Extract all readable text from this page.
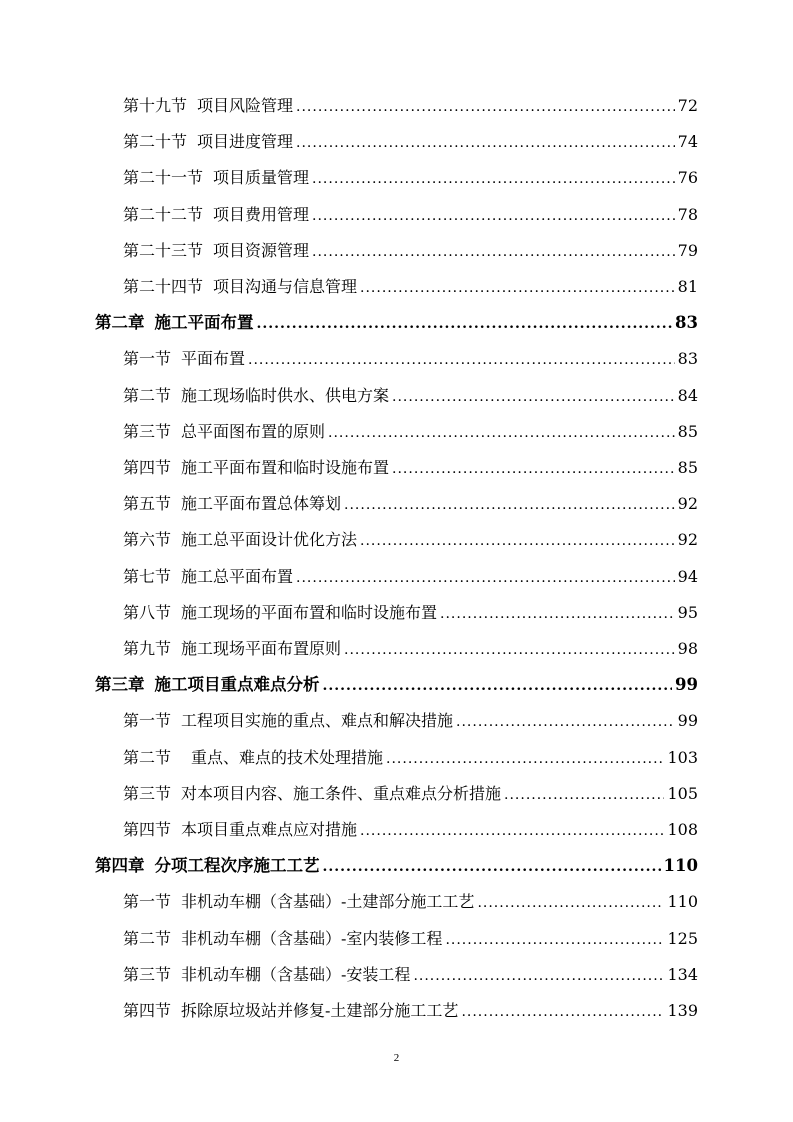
第十九节 项目风险管理 .....	72
第二十节 项目进度管理 .....	74
第二十一节 项目质量管理 .....	76
第二十二节 项目费用管理 .....	78
第二十三节 项目资源管理 .....	79
第二十四节 项目沟通与信息管理 .....	81
第二章 施工平面布置 .....	83
第一节 平面布置 .....	83
第二节 施工现场临时供水、供电方案 .....	84
第三节 总平面图布置的原则 .....	85
第四节 施工平面布置和临时设施布置 .....	85
第五节 施工平面布置总体筹划 .....	92
第六节 施工总平面设计优化方法 .....	92
第七节 施工总平面布置 .....	94
第八节 施工现场的平面布置和临时设施布置 .....	95
第九节 施工现场平面布置原则 .....	98
第三章 施工项目重点难点分析 .....	99
第一节 工程项目实施的重点、难点和解决措施 .....	99
第二节 重点、难点的技术处理措施 .....	103
第三节 对本项目内容、施工条件、重点难点分析措施 .....	105
第四节 本项目重点难点应对措施 .....	108
第四章 分项工程次序施工工艺 .....	110
第一节 非机动车棚（含基础）-土建部分施工工艺 .....	110
第二节 非机动车棚（含基础）-室内装修工程 .....	125
第三节 非机动车棚（含基础）-安装工程 .....	134
第四节 拆除原垃圾站并修复-土建部分施工工艺 .....	139
2
